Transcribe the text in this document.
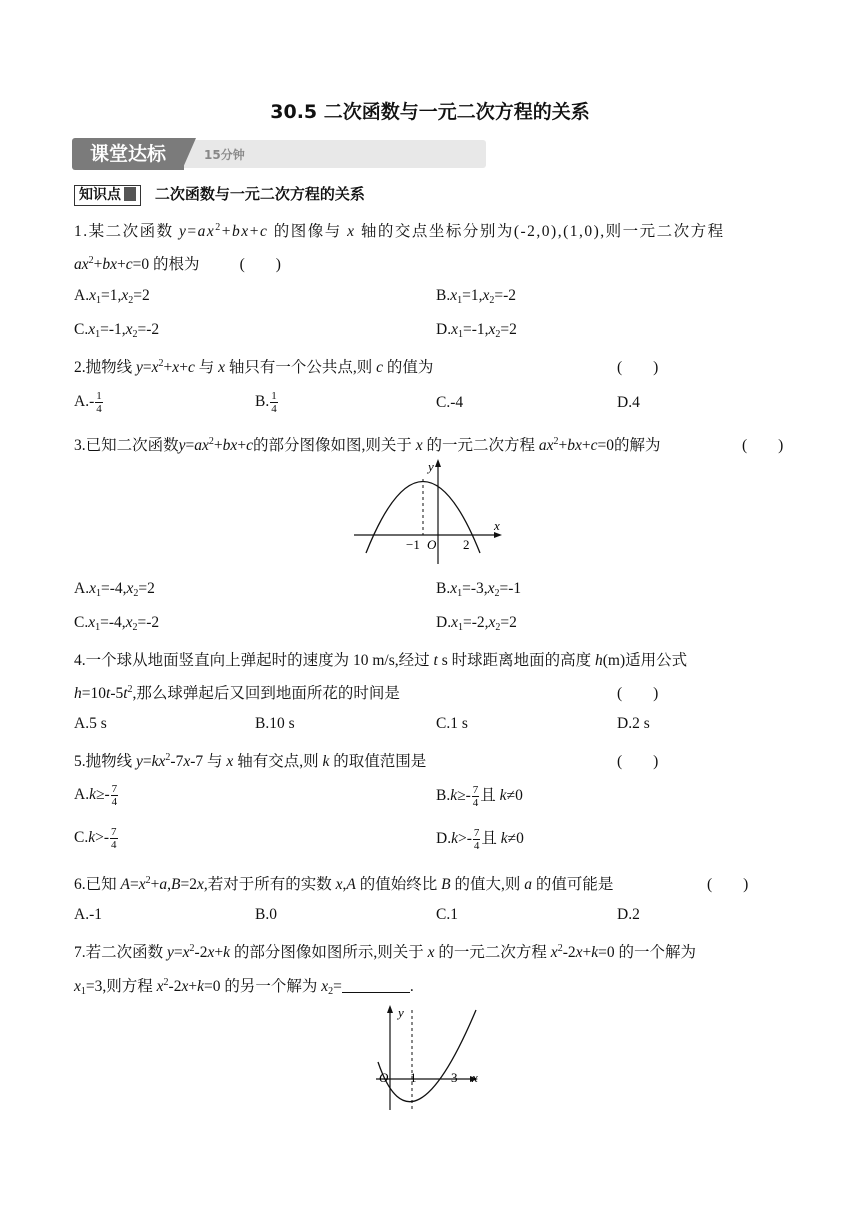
30.5 二次函数与一元二次方程的关系
课堂达标	15分钟
知识点 二次函数与一元二次方程的关系
1.某二次函数 $y=ax^2+bx+c$ 的图像与 x 轴的交点坐标分别为(-2,0),(1,0),则一元二次方程
$ax^2+bx+c=0$ 的根为	(　　)
$A.x_1=1,x_2=2$	$B.x_1=1,x_2=-2$
$C.x_1=-1,x_2=-2$	$D.x_1=-1,x_2=2$
2.抛物线 $y=x^2+x+c$ 与 x 轴只有一个公共点,则 c 的值为	(　　)
$A.- \frac{1}{4}$	B. $\frac{1}{4}$	C.-4	D.4
3.已知二次函数$y=ax^2+bx+c$的部分图像如图,则关于 x 的一元二次方程 $ax^2+bx+c=0$的解为	(　　)
y
x
−1 O 2
$A.x_1=-4,x_2=2$	$B.x_1=-3,x_2=-1$
$C.x_1=-4,x_2=-2$	$D.x_1=-2,x_2=2$
4.一个球从地面竖直向上弹起时的速度为 10 m/s,经过 t s 时球距离地面的高度 h(m)适用公式
$h=10t-5t^2$,那么球弹起后又回到地面所花的时间是	(　　)
A.5 s	B.10 s	C.1 s	D.2 s
5.抛物线 $y=kx^2-7x-7$ 与 x 轴有交点,则 k 的取值范围是	(　　)
$A.k\ge- \frac{7}{4}$	$B.k\ge- \frac{7}{4}$ 且 k≠0
$C.k>- \frac{7}{4}$	$D.k>- \frac{7}{4}$ 且 k≠0
6.已知 $A=x^2+a,B=2x$,若对于所有的实数 x,A 的值始终比 B 的值大,则 a 的值可能是	(　　)
A.-1	B.0	C.1	D.2
7.若二次函数 $y=x^2-2x+k$ 的部分图像如图所示,则关于 x 的一元二次方程 $x^2-2x+k=0$ 的一个解为
$x_1=3$,则方程 $x^2-2x+k=0$ 的另一个解为 $x_2=$	.
y
x
O 1	3
